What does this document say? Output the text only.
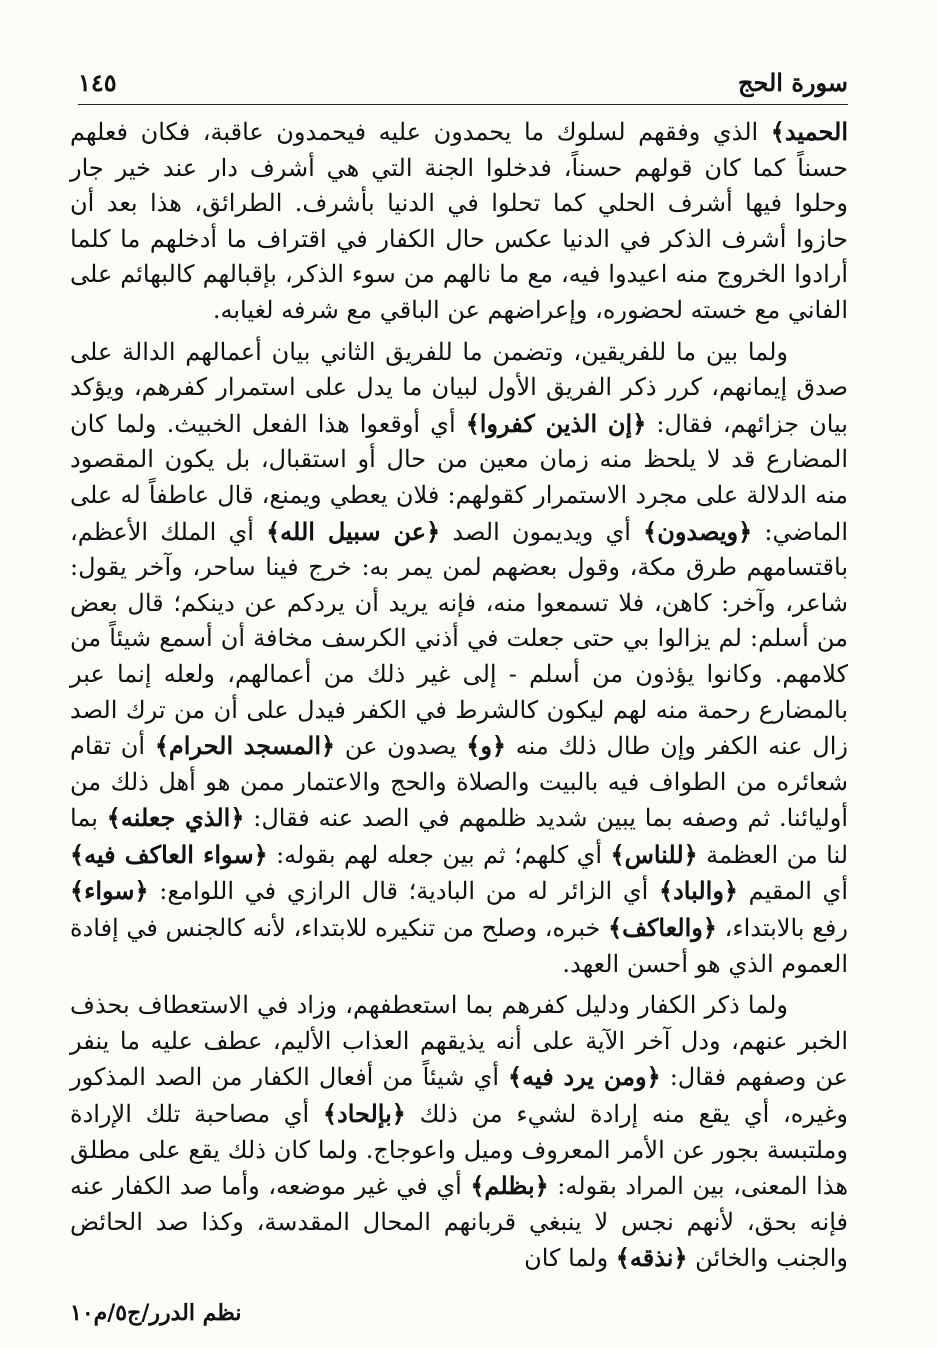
سورة الحج
١٤٥

الحميد﴾ الذي وفقهم لسلوك ما يحمدون عليه فيحمدون عاقبة، فكان فعلهم حسناً كما كان قولهم حسناً، فدخلوا الجنة التي هي أشرف دار عند خير جار وحلوا فيها أشرف الحلي كما تحلوا في الدنيا بأشرف. الطرائق، هذا بعد أن حازوا أشرف الذكر في الدنيا عكس حال الكفار في اقتراف ما أدخلهم ما كلما أرادوا الخروج منه اعيدوا فيه، مع ما نالهم من سوء الذكر، بإقبالهم كالبهائم على الفاني مع خسته لحضوره، وإعراضهم عن الباقي مع شرفه لغيابه.

ولما بين ما للفريقين، وتضمن ما للفريق الثاني بيان أعمالهم الدالة على صدق إيمانهم، كرر ذكر الفريق الأول لبيان ما يدل على استمرار كفرهم، ويؤكد بيان جزائهم، فقال: ﴿إن الذين كفروا﴾ أي أوقعوا هذا الفعل الخبيث. ولما كان المضارع قد لا يلحظ منه زمان معين من حال أو استقبال، بل يكون المقصود منه الدلالة على مجرد الاستمرار كقولهم: فلان يعطي ويمنع، قال عاطفاً له على الماضي: ﴿ويصدون﴾ أي ويديمون الصد ﴿عن سبيل الله﴾ أي الملك الأعظم، باقتسامهم طرق مكة، وقول بعضهم لمن يمر به: خرج فينا ساحر، وآخر يقول: شاعر، وآخر: كاهن، فلا تسمعوا منه، فإنه يريد أن يردكم عن دينكم؛ قال بعض من أسلم: لم يزالوا بي حتى جعلت في أذني الكرسف مخافة أن أسمع شيئاً من كلامهم. وكانوا يؤذون من أسلم - إلى غير ذلك من أعمالهم، ولعله إنما عبر بالمضارع رحمة منه لهم ليكون كالشرط في الكفر فيدل على أن من ترك الصد زال عنه الكفر وإن طال ذلك منه ﴿و﴾ يصدون عن ﴿المسجد الحرام﴾ أن تقام شعائره من الطواف فيه بالبيت والصلاة والحج والاعتمار ممن هو أهل ذلك من أوليائنا. ثم وصفه بما يبين شديد ظلمهم في الصد عنه فقال: ﴿الذي جعلنه﴾ بما لنا من العظمة ﴿للناس﴾ أي كلهم؛ ثم بين جعله لهم بقوله: ﴿سواء العاكف فيه﴾ أي المقيم ﴿والباد﴾ أي الزائر له من البادية؛ قال الرازي في اللوامع: ﴿سواء﴾ رفع بالابتداء، ﴿والعاكف﴾ خبره، وصلح من تنكيره للابتداء، لأنه كالجنس في إفادة العموم الذي هو أحسن العهد.

ولما ذكر الكفار ودليل كفرهم بما استعطفهم، وزاد في الاستعطاف بحذف الخبر عنهم، ودل آخر الآية على أنه يذيقهم العذاب الأليم، عطف عليه ما ينفر عن وصفهم فقال: ﴿ومن يرد فيه﴾ أي شيئاً من أفعال الكفار من الصد المذكور وغيره، أي يقع منه إرادة لشيء من ذلك ﴿بإلحاد﴾ أي مصاحبة تلك الإرادة وملتبسة بجور عن الأمر المعروف وميل واعوجاج. ولما كان ذلك يقع على مطلق هذا المعنى، بين المراد بقوله: ﴿بظلم﴾ أي في غير موضعه، وأما صد الكفار عنه فإنه بحق، لأنهم نجس لا ينبغي قربانهم المحال المقدسة، وكذا صد الحائض والجنب والخائن ﴿نذقه﴾ ولما كان

نظم الدرر/ج٥/م١٠
